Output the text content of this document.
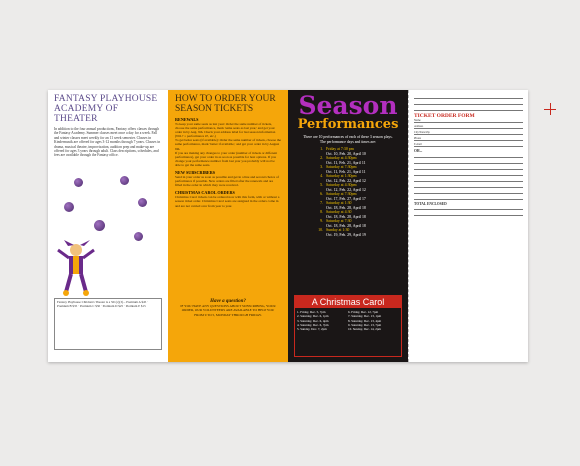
FANTASY PLAYHOUSE
ACADEMY OF THEATER
In addition to the four annual productions, Fantasy offers classes through the Fantasy Academy. Summer classes meet once a day for a week. Fall and winter classes meet weekly for an 11 week semester. Classes in Kindermusik are offered for ages 3-12 months through 7 years. Classes in drama, musical theatre, improvisation, audition prep and make-up are offered for ages 3 years through adult. Class descriptions, schedules, and fees are available through the Fantasy office.
Fantasy Playhouse Children's Theater is a 501(c)(3)... Premium A $45 · Premium B $35 · Premium C $30 · Premium D $25 · Premium E $15
HOW TO ORDER YOUR SEASON TICKETS
RENEWALS
To keep your same seats as last year: Order the same number of tickets, choose the same performance, mark 'same seats as last year,' and get your order in by Aug. 9th. Check your address label for last season information (NO.? = performance #?, etc.)
To get better seats (if available): Order the same number of tickets, choose the same performance, mark 'better if available,' and get your order in by August 9th.
If you are making any changes to your order (number of tickets or different performance), get your order in as soon as possible for best options. If you change your performance number from last year you probably will not be able to get the same seats.
NEW SUBSCRIBERS
Send in your order as soon as possible and get in a line and second choice of performance if possible. New orders are filled after the renewals and are filled in the order in which they were received.
CHRISTMAS CAROL ORDERS
Christmas Carol tickets can be ordered now with this form, with or without a season ticket order. Christmas Carol seats are assigned in the orders come in and are not carried over from year to year.
Have a question?
IF YOU HAVE ANY QUESTIONS ABOUT SUBSCRIBING, YOUR ORDER, OUR VOLUNTEERS ARE AVAILABLE TO HELP YOU FROM 9 TO 5, MONDAY THROUGH FRIDAY.
Season
Performances
There are 10 performances of each of these 3 season plays. The performance days and times are:
1. Friday at 7:30 pm
Oct. 10, Feb. 20, April 10
2. Saturday at 4:30pm
Oct. 11, Feb. 21, April 11
3. Saturday at 7:30pm
Oct. 11, Feb. 21, April 11
4. Saturday at 1:30pm
Oct. 12, Feb. 22, April 12
5. Saturday at 4:30pm
Oct. 12, Feb. 22, April 12
6. Saturday at 7:30pm
Oct. 17, Feb. 27, April 17
7. Saturday at 1:30
Oct. 18, Feb. 28, April 18
8. Saturday at 4:30
Oct. 18, Feb. 28, April 18
9. Saturday at 7:30
Oct. 18, Feb. 28, April 18
10. Sunday at 1:30
Oct. 19, Feb. 29, April 19
A Christmas Carol
1. Friday, Dec. 5, 7pm	6. Friday, Dec. 12, 7pm
2. Saturday, Dec. 6, 1pm	7. Saturday, Dec. 13, 1pm
3. Saturday, Dec. 6, 4pm	8. Saturday, Dec. 13, 4pm
4. Saturday, Dec. 6, 7pm	9. Saturday, Dec. 13, 7pm
5. Sunday, Dec. 7, 2pm	10. Sunday, Dec. 14, 2pm
TICKET ORDER FORM
Name
Address
City/State/Zip
Phone
E-mail
OH...
TOTAL ENCLOSED
